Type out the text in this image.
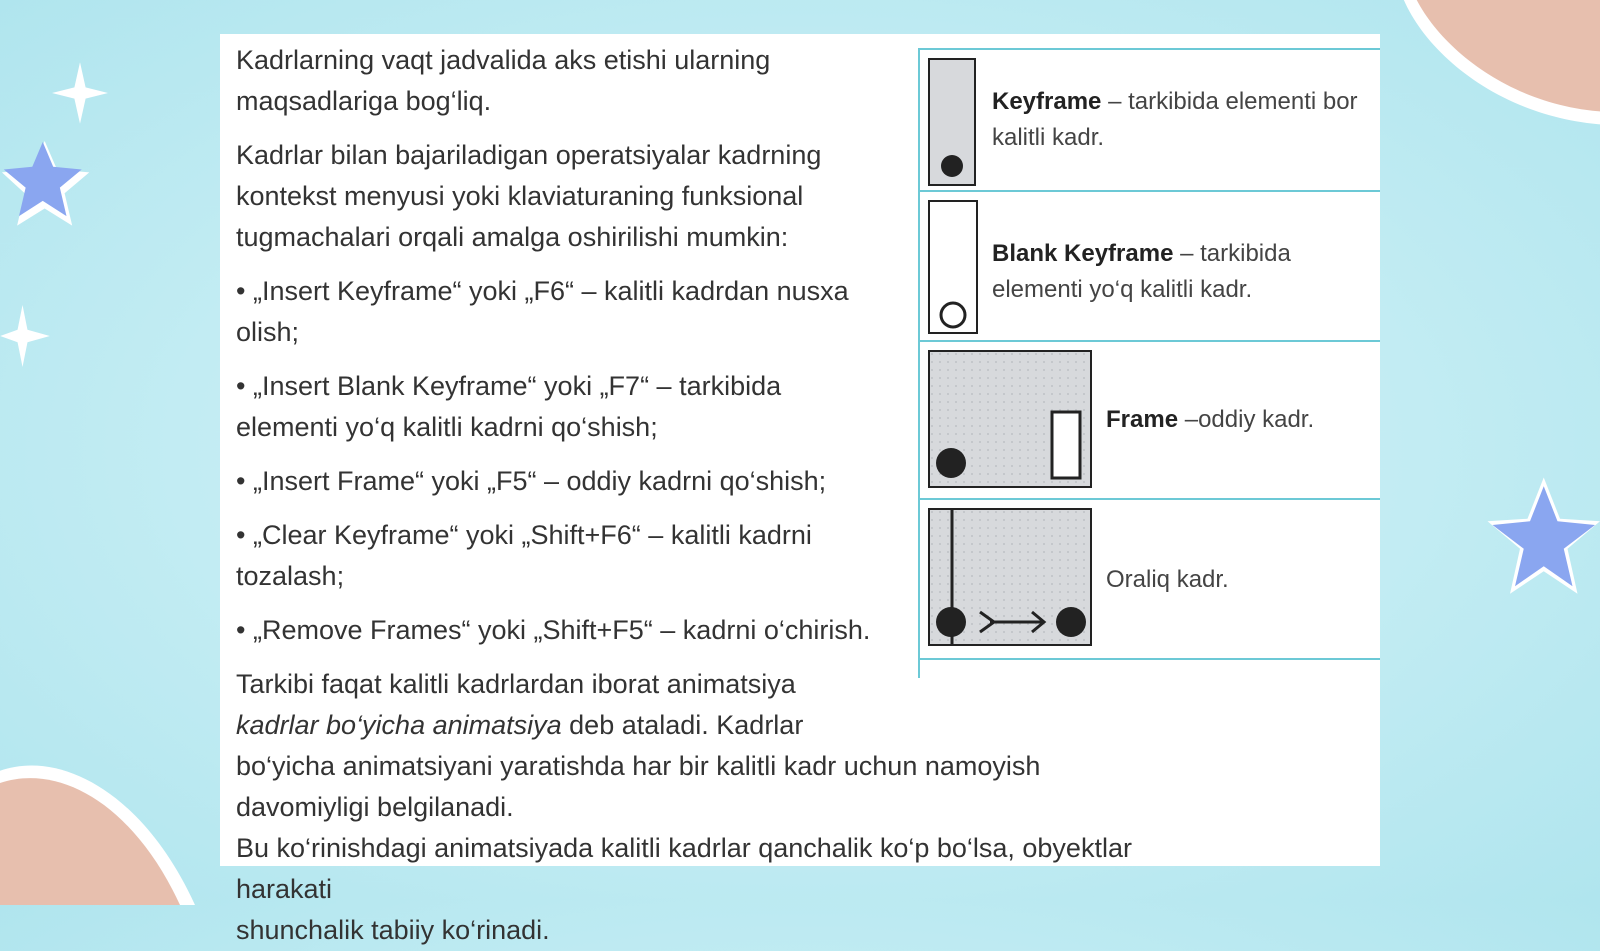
Kadrlarning vaqt jadvalida aks etishi ularning maqsadlariga bog‘liq.

Kadrlar bilan bajariladigan operatsiyalar kadrning kontekst menyusi yoki klaviaturaning funksional tugmachalari orqali amalga oshirilishi mumkin:

• „Insert Keyframe“ yoki „F6“ – kalitli kadrdan nusxa olish;

• „Insert Blank Keyframe“ yoki „F7“ – tarkibida elementi yo‘q kalitli kadrni qo‘shish;

• „Insert Frame“ yoki „F5“ – oddiy kadrni qo‘shish;

• „Clear Keyframe“ yoki „Shift+F6“ – kalitli kadrni tozalash;

• „Remove Frames“ yoki „Shift+F5“ – kadrni o‘chirish.

Tarkibi faqat kalitli kadrlardan iborat animatsiya
kadrlar bo‘yicha animatsiya deb ataladi. Kadrlar
bo‘yicha animatsiyani yaratishda har bir kalitli kadr uchun namoyish davomiyligi belgilanadi.
Bu ko‘rinishdagi animatsiyada kalitli kadrlar qanchalik ko‘p bo‘lsa, obyektlar harakati
shunchalik tabiiy ko‘rinadi.

Keyframe – tarkibida elementi bor kalitli kadr.
Blank Keyframe – tarkibida elementi yo‘q kalitli kadr.
Frame –oddiy kadr.
Oraliq kadr.
